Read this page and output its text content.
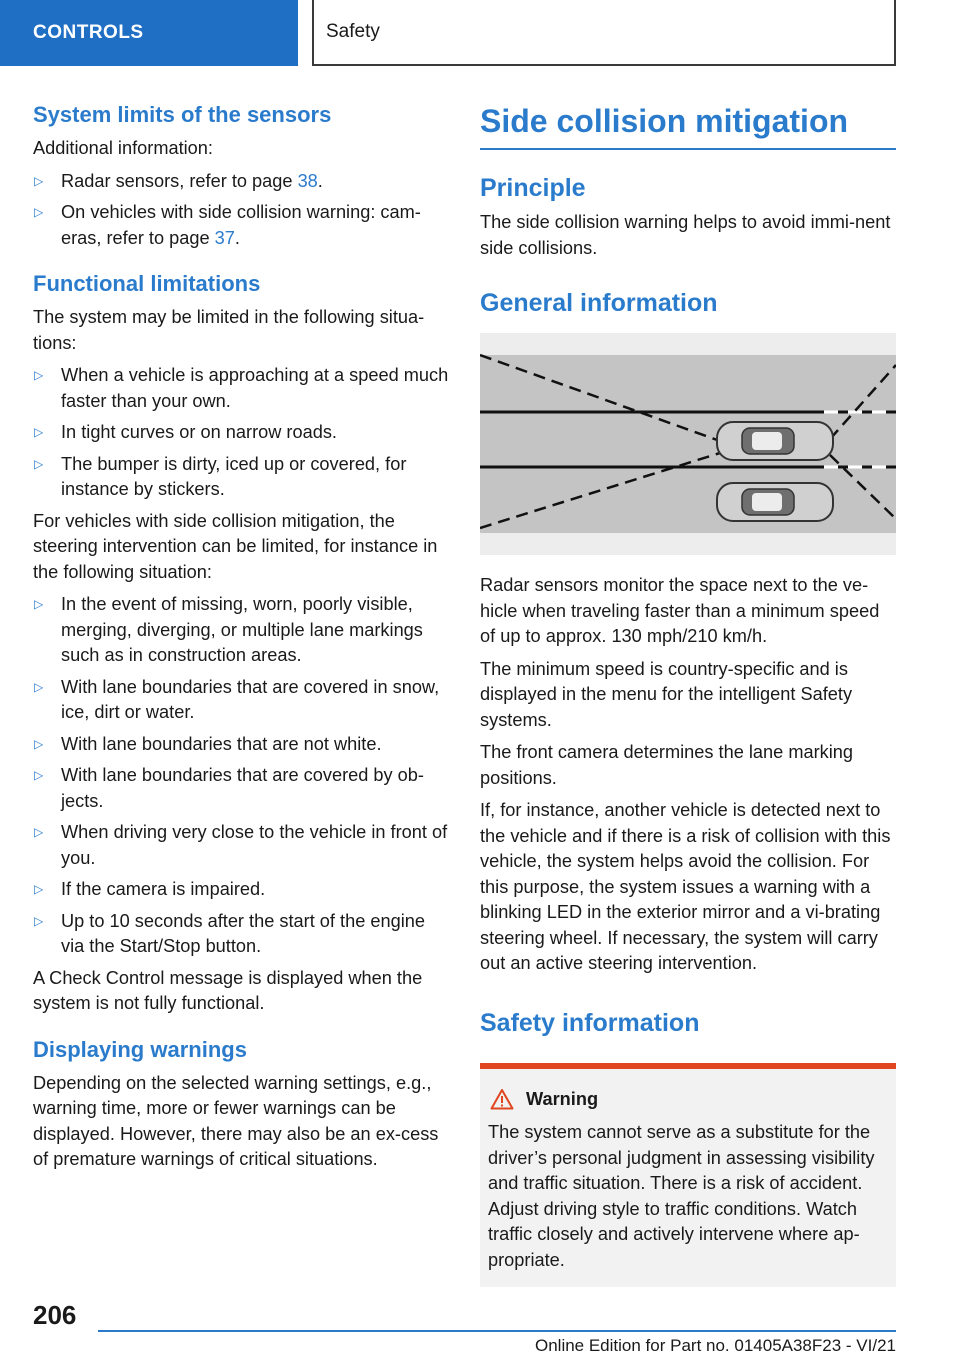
CONTROLS	Safety
System limits of the sensors

Additional information:

▷ Radar sensors, refer to page 38.
▷ On vehicles with side collision warning: cam‐eras, refer to page 37.
Functional limitations

The system may be limited in the following situa‐tions:

▷ When a vehicle is approaching at a speed much faster than your own.
▷ In tight curves or on narrow roads.
▷ The bumper is dirty, iced up or covered, for instance by stickers.

For vehicles with side collision mitigation, the steering intervention can be limited, for instance in the following situation:

▷ In the event of missing, worn, poorly visible, merging, diverging, or multiple lane markings such as in construction areas.
▷ With lane boundaries that are covered in snow, ice, dirt or water.
▷ With lane boundaries that are not white.
▷ With lane boundaries that are covered by ob‐jects.
▷ When driving very close to the vehicle in front of you.
▷ If the camera is impaired.
▷ Up to 10 seconds after the start of the engine via the Start/Stop button.

A Check Control message is displayed when the system is not fully functional.

Displaying warnings

Depending on the selected warning settings, e.g., warning time, more or fewer warnings can be displayed. However, there may also be an ex‐cess of premature warnings of critical situations.

Side collision mitigation
Principle

The side collision warning helps to avoid immi‐nent side collisions.

General information

Radar sensors monitor the space next to the ve‐hicle when traveling faster than a minimum speed of up to approx. 130 mph/210 km/h.

The minimum speed is country-specific and is displayed in the menu for the intelligent Safety systems.

The front camera determines the lane marking positions.

If, for instance, another vehicle is detected next to the vehicle and if there is a risk of collision with this vehicle, the system helps avoid the collision. For this purpose, the system issues a warning with a blinking LED in the exterior mirror and a vi‐brating steering wheel. If necessary, the system will carry out an active steering intervention.

Safety information
Warning
The system cannot serve as a substitute for the driver’s personal judgment in assessing visibility and traffic situation. There is a risk of accident. Adjust driving style to traffic conditions. Watch traffic closely and actively intervene where ap‐propriate.
206
Online Edition for Part no. 01405A38F23 - VI/21
